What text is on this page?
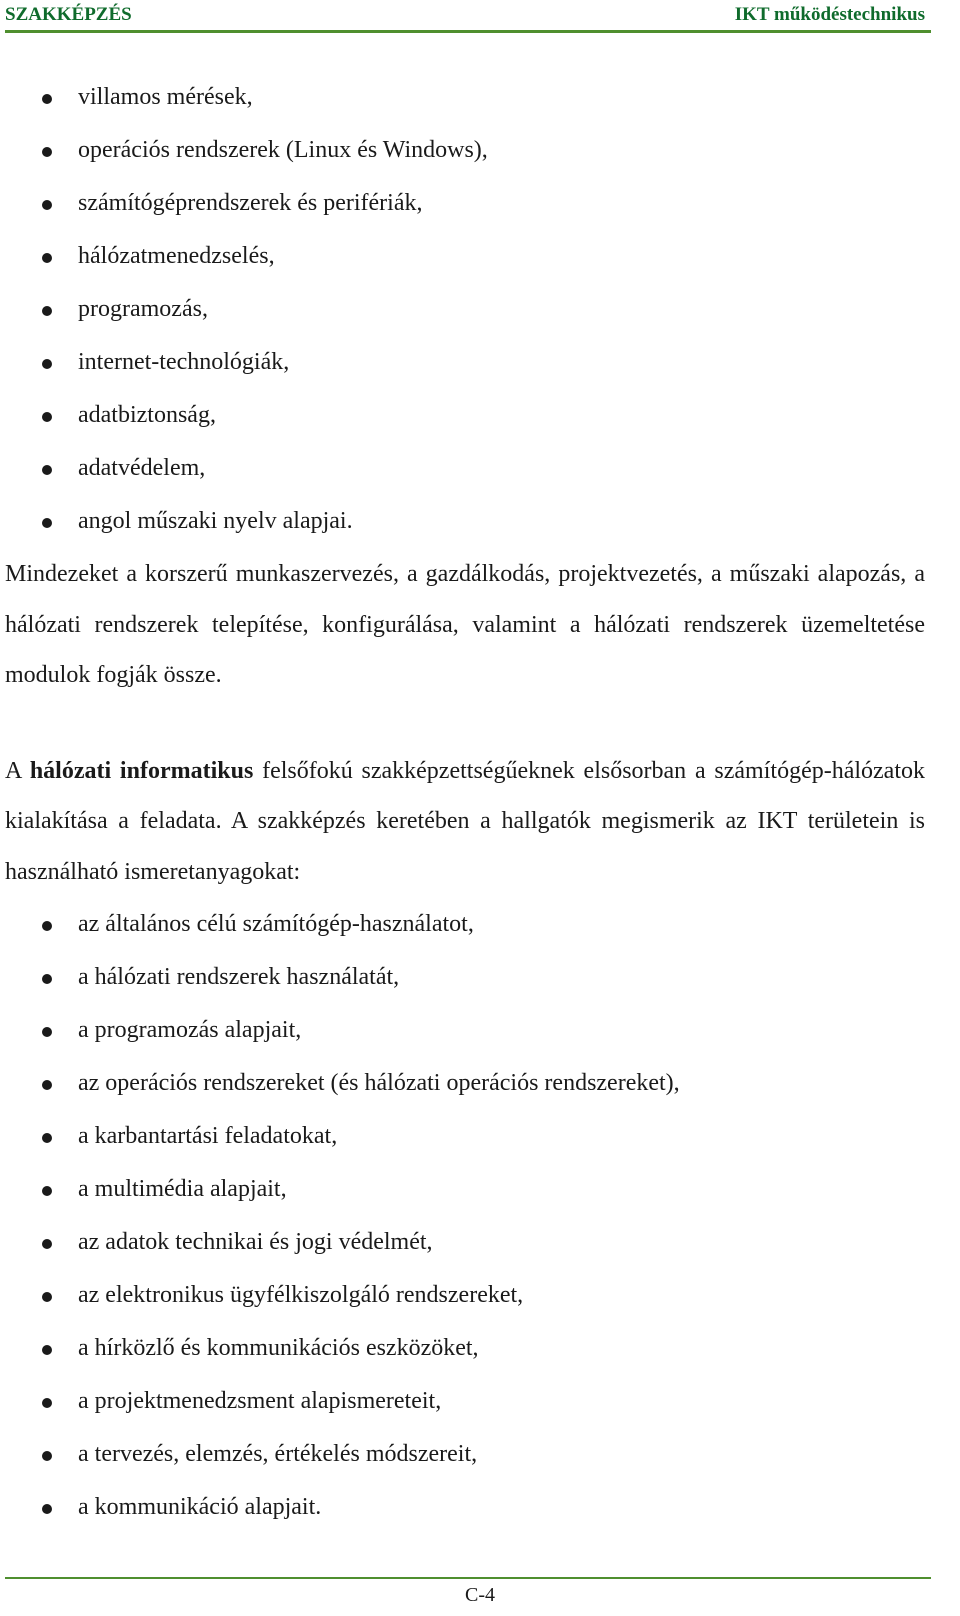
SZAKKÉPZÉS	IKT működéstechnikus
villamos mérések,
operációs rendszerek (Linux és Windows),
számítógéprendszerek és perifériák,
hálózatmenedzselés,
programozás,
internet-technológiák,
adatbiztonság,
adatvédelem,
angol műszaki nyelv alapjai.

Mindezeket a korszerű munkaszervezés, a gazdálkodás, projektvezetés, a műszaki alapozás, a hálózati rendszerek telepítése, konfigurálása, valamint a hálózati rendszerek üzemeltetése modulok fogják össze.

A hálózati informatikus felsőfokú szakképzettségűeknek elsősorban a számítógép-hálózatok kialakítása a feladata. A szakképzés keretében a hallgatók megismerik az IKT területein is használható ismeretanyagokat:

az általános célú számítógép-használatot,
a hálózati rendszerek használatát,
a programozás alapjait,
az operációs rendszereket (és hálózati operációs rendszereket),
a karbantartási feladatokat,
a multimédia alapjait,
az adatok technikai és jogi védelmét,
az elektronikus ügyfélkiszolgáló rendszereket,
a hírközlő és kommunikációs eszközöket,
a projektmenedzsment alapismereteit,
a tervezés, elemzés, értékelés módszereit,
a kommunikáció alapjait.
C-4
